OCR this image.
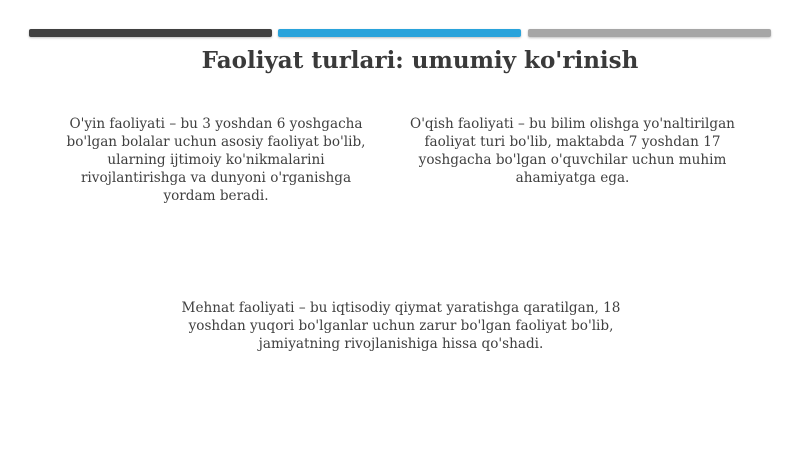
Faoliyat turlari: umumiy ko'rinish
O'yin faoliyati – bu 3 yoshdan 6 yoshgacha bo'lgan bolalar uchun asosiy faoliyat bo'lib, ularning ijtimoiy ko'nikmalarini rivojlantirishga va dunyoni o'rganishga yordam beradi.
O'qish faoliyati – bu bilim olishga yo'naltirilgan faoliyat turi bo'lib, maktabda 7 yoshdan 17 yoshgacha bo'lgan o'quvchilar uchun muhim ahamiyatga ega.
Mehnat faoliyati – bu iqtisodiy qiymat yaratishga qaratilgan, 18 yoshdan yuqori bo'lganlar uchun zarur bo'lgan faoliyat bo'lib, jamiyatning rivojlanishiga hissa qo'shadi.
